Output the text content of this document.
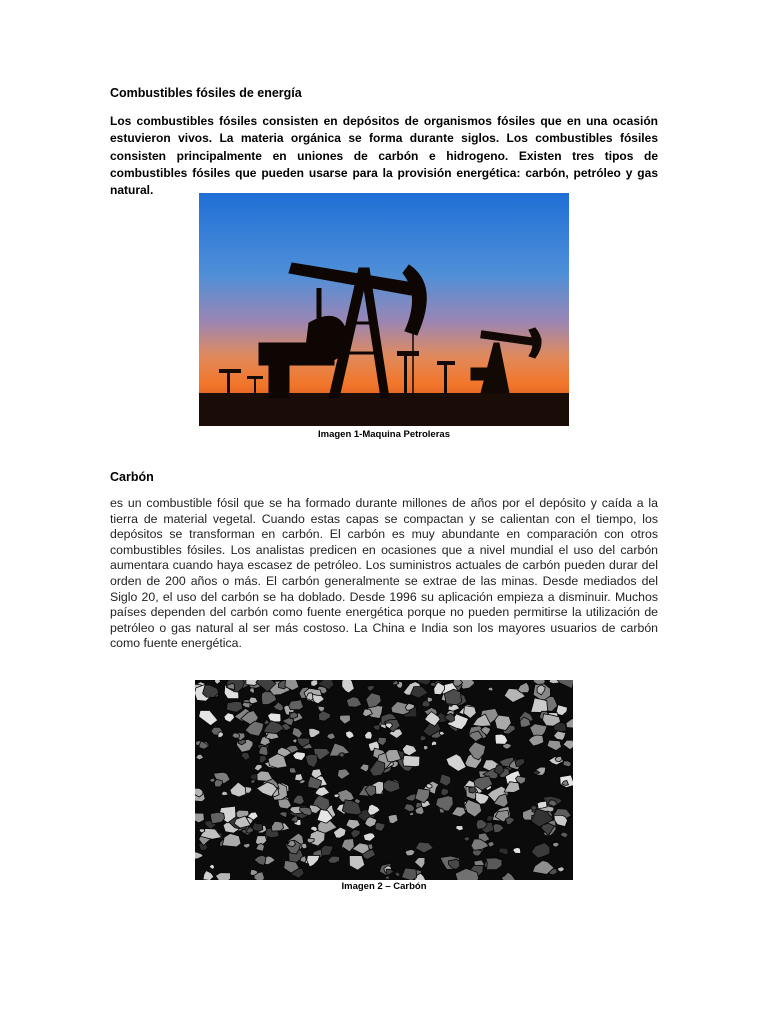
Combustibles fósiles de energía

Los combustibles fósiles consisten en depósitos de organismos fósiles que en una ocasión estuvieron vivos. La materia orgánica se forma durante siglos. Los combustibles fósiles consisten principalmente en uniones de carbón e hidrogeno. Existen tres tipos de combustibles fósiles que pueden usarse para la provisión energética: carbón, petróleo y gas natural.

Imagen 1-Maquina Petroleras
Carbón

es un combustible fósil que se ha formado durante millones de años por el depósito y caída a la tierra de material vegetal. Cuando estas capas se compactan y se calientan con el tiempo, los depósitos se transforman en carbón. El carbón es muy abundante en comparación con otros combustibles fósiles. Los analistas predicen en ocasiones que a nivel mundial el uso del carbón aumentara cuando haya escasez de petróleo. Los suministros actuales de carbón pueden durar del orden de 200 años o más. El carbón generalmente se extrae de las minas. Desde mediados del Siglo 20, el uso del carbón se ha doblado. Desde 1996 su aplicación empieza a disminuir. Muchos países dependen del carbón como fuente energética porque no pueden permitirse la utilización de petróleo o gas natural al ser más costoso. La China e India son los mayores usuarios de carbón como fuente energética.

Imagen 2 – Carbón
